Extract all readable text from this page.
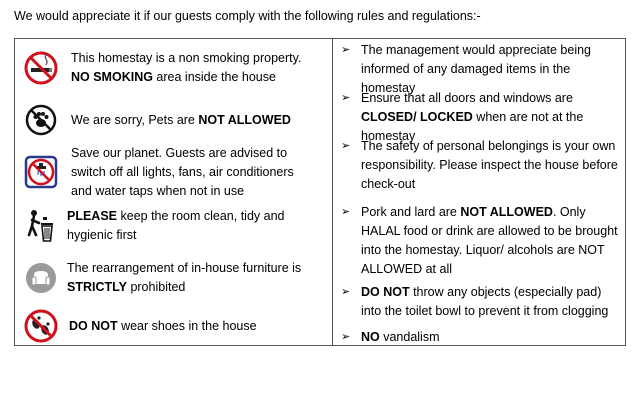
We would appreciate it if our guests comply with the following rules and regulations:-
This homestay is a non smoking property.
NO SMOKING area inside the house
We are sorry, Pets are NOT ALLOWED
Save our planet. Guests are advised to switch off all lights, fans, air conditioners and water taps when not in use
PLEASE keep the room clean, tidy and hygienic first
The rearrangement of in-house furniture is STRICTLY prohibited
DO NOT wear shoes in the house
➢ The management would appreciate being informed of any damaged items in the homestay
➢ Ensure that all doors and windows are CLOSED/ LOCKED when are not at the homestay
➢ The safety of personal belongings is your own responsibility. Please inspect the house before check-out
➢ Pork and lard are NOT ALLOWED. Only HALAL food or drink are allowed to be brought into the homestay. Liquor/ alcohols are NOT ALLOWED at all
➢ DO NOT throw any objects (especially pad) into the toilet bowl to prevent it from clogging
➢ NO vandalism
